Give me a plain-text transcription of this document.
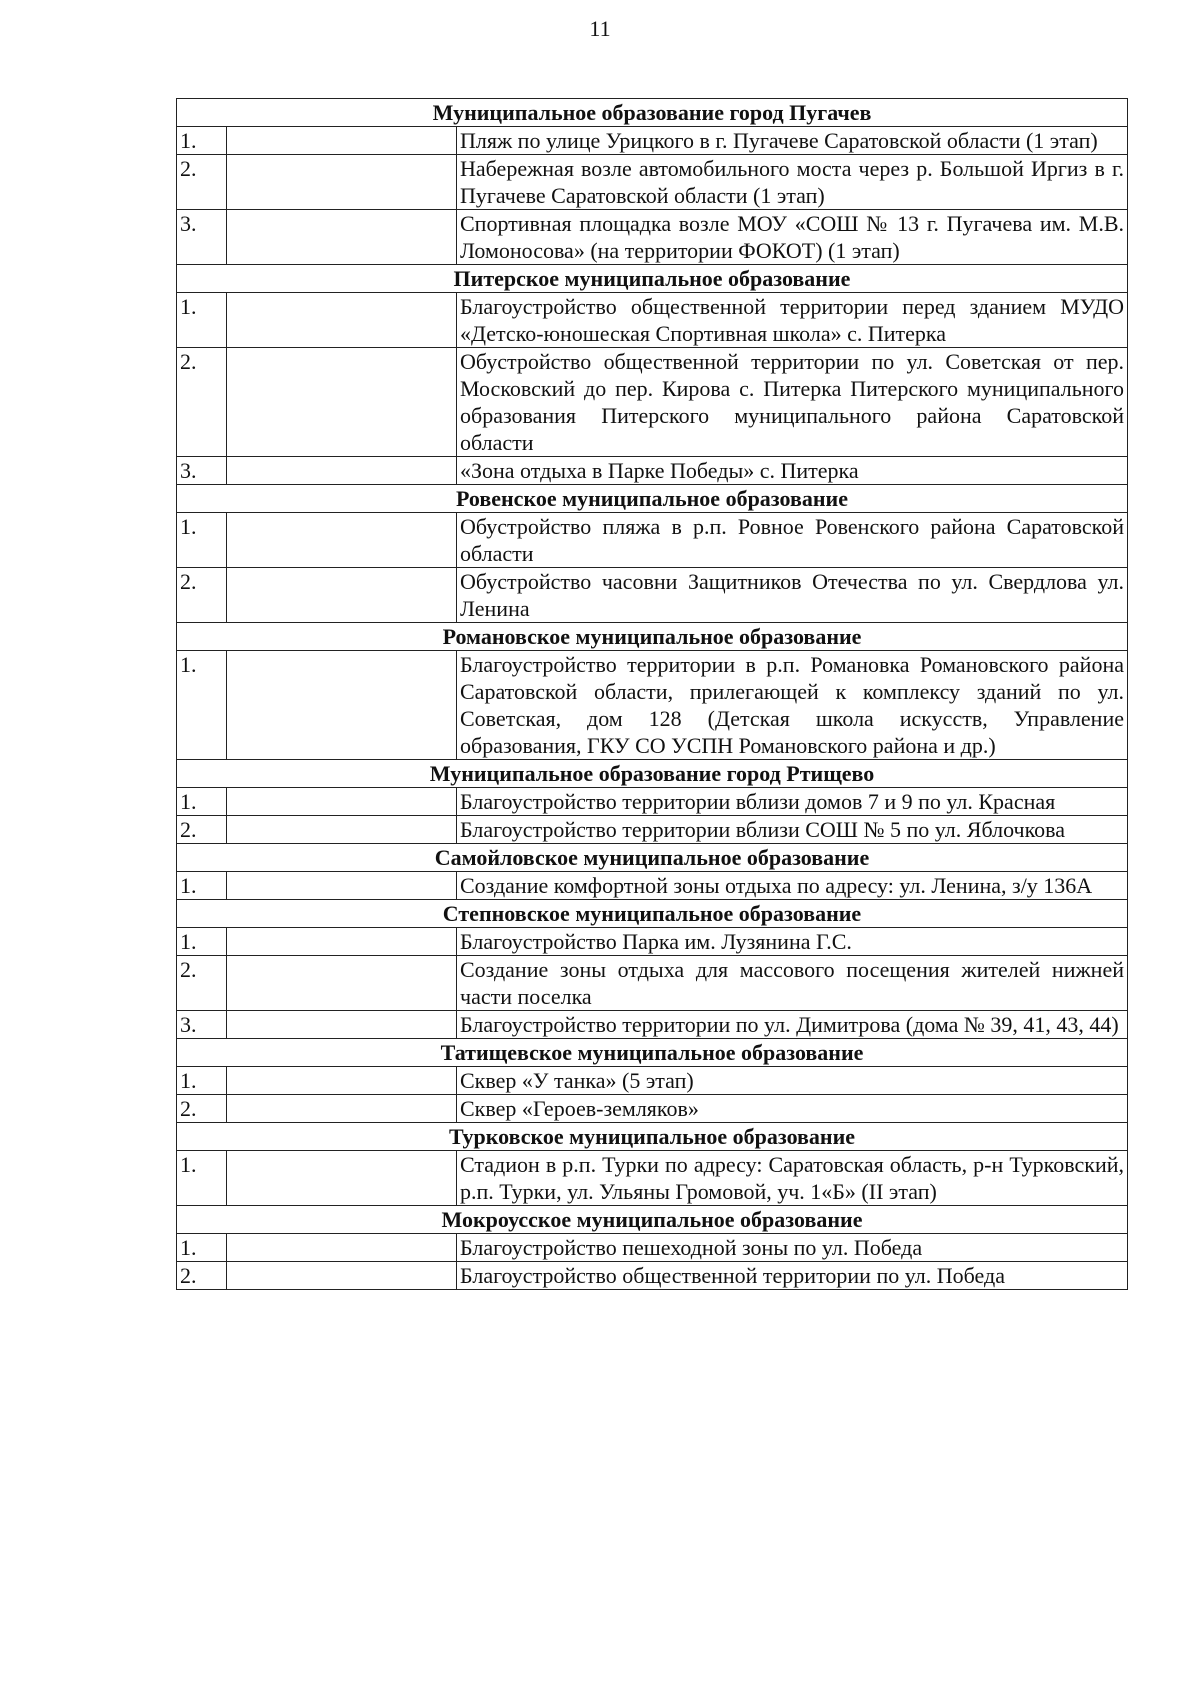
11
Муниципальное образование город Пугачев		
1.		Пляж по улице Урицкого в г. Пугачеве Саратовской области (1 этап)
2.		Набережная возле автомобильного моста через р. Большой Иргиз в г. Пугачеве Саратовской области (1 этап)
3.		Спортивная площадка возле МОУ «СОШ № 13 г. Пугачева им. М.В. Ломоносова» (на территории ФОКОТ) (1 этап)
Питерское муниципальное образование		
1.		Благоустройство общественной территории перед зданием МУДО «Детско-юношеская Спортивная школа» с. Питерка
2.		Обустройство общественной территории по ул. Советская от пер. Московский до пер. Кирова с. Питерка Питерского муниципального образования Питерского муниципального района Саратовской области
3.		«Зона отдыха в Парке Победы» с. Питерка
Ровенское муниципальное образование		
1.		Обустройство пляжа в р.п. Ровное Ровенского района Саратовской области
2.		Обустройство часовни Защитников Отечества по ул. Свердлова ул. Ленина
Романовское муниципальное образование		
1.		Благоустройство территории в р.п. Романовка Романовского района Саратовской области, прилегающей к комплексу зданий по ул. Советская, дом 128 (Детская школа искусств, Управление образования, ГКУ СО УСПН Романовского района и др.)
Муниципальное образование город Ртищево		
1.		Благоустройство территории вблизи домов 7 и 9 по ул. Красная
2.		Благоустройство территории вблизи СОШ № 5 по ул. Яблочкова
Самойловское муниципальное образование		
1.		Создание комфортной зоны отдыха по адресу: ул. Ленина, з/у 136А
Степновское муниципальное образование		
1.		Благоустройство Парка им. Лузянина Г.С.
2.		Создание зоны отдыха для массового посещения жителей нижней части поселка
3.		Благоустройство территории по ул. Димитрова (дома № 39, 41, 43, 44)
Татищевское муниципальное образование		
1.		Сквер «У танка» (5 этап)
2.		Сквер «Героев-земляков»
Турковское муниципальное образование		
1.		Стадион в р.п. Турки по адресу: Саратовская область, р-н Турковский, р.п. Турки, ул. Ульяны Громовой, уч. 1«Б» (II этап)
Мокроусское муниципальное образование		
1.		Благоустройство пешеходной зоны по ул. Победа
2.		Благоустройство общественной территории по ул. Победа
